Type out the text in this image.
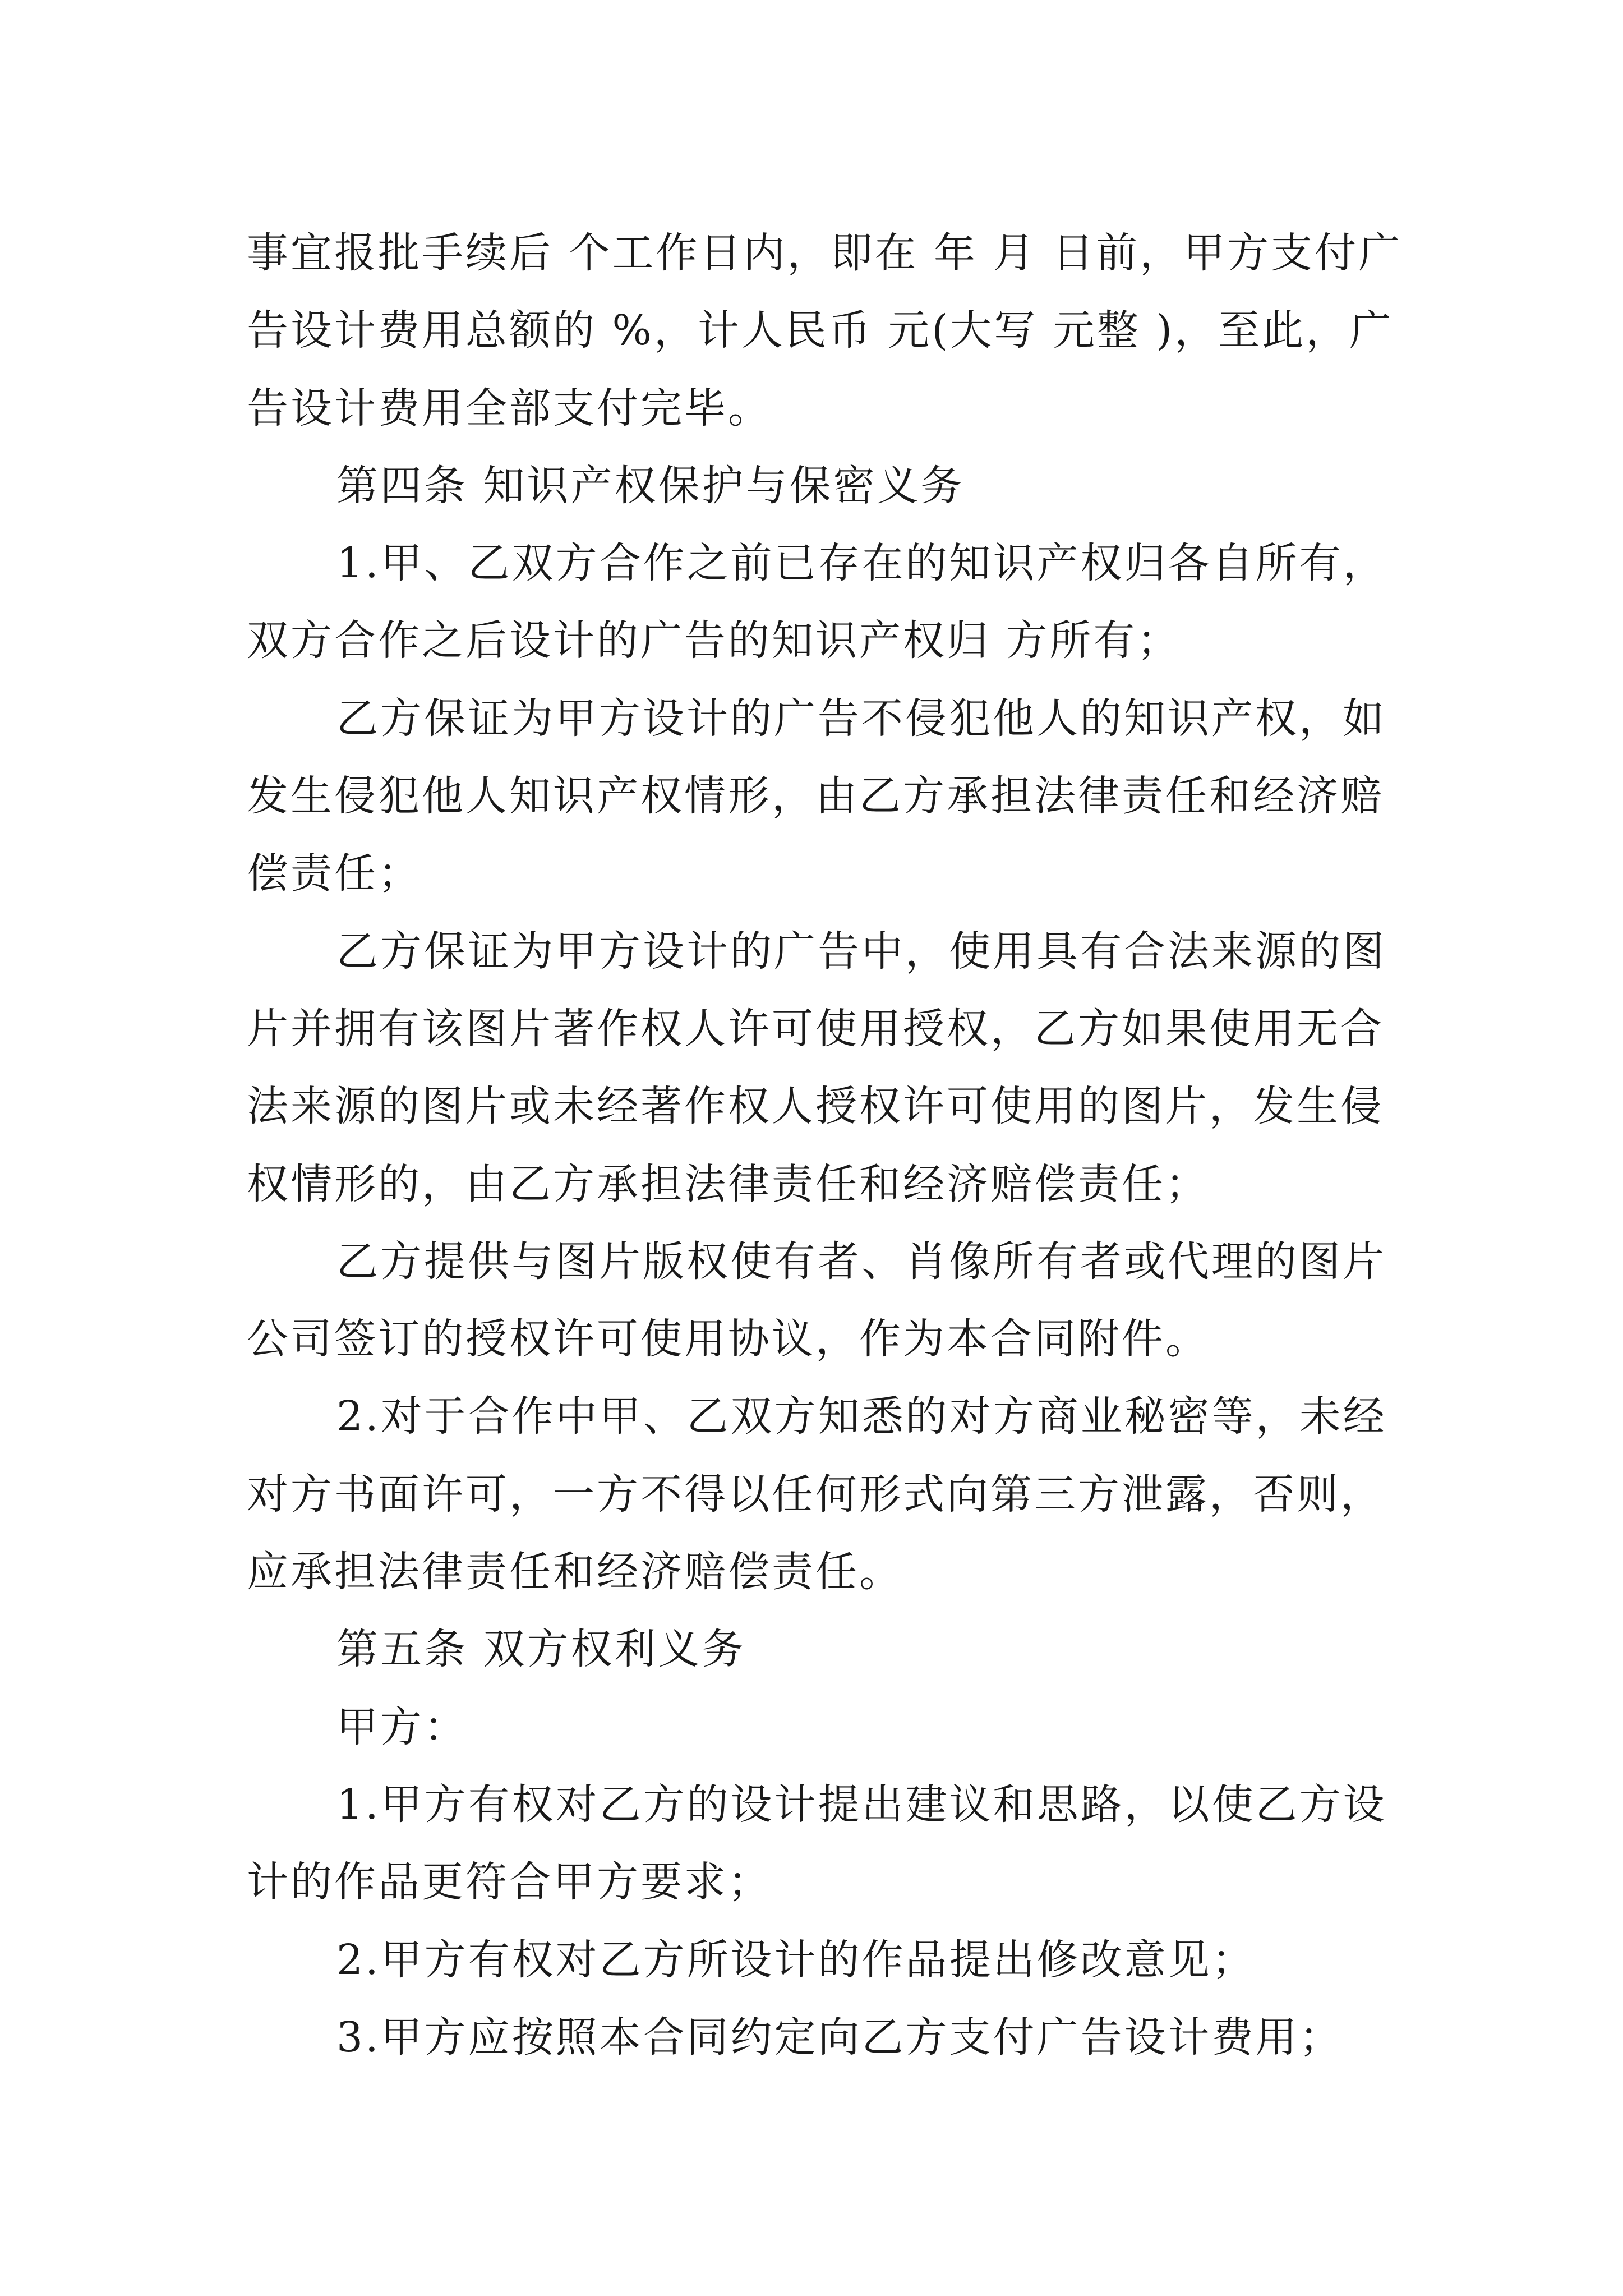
事宜报批手续后 个工作日内，即在 年 月 日前，甲方支付广告设计费用总额的 %，计人民币 元(大写 元整 )，至此，广告设计费用全部支付完毕。

第四条 知识产权保护与保密义务

1.甲、乙双方合作之前已存在的知识产权归各自所有，双方合作之后设计的广告的知识产权归 方所有；

乙方保证为甲方设计的广告不侵犯他人的知识产权，如发生侵犯他人知识产权情形，由乙方承担法律责任和经济赔偿责任；

乙方保证为甲方设计的广告中，使用具有合法来源的图片并拥有该图片著作权人许可使用授权，乙方如果使用无合法来源的图片或未经著作权人授权许可使用的图片，发生侵权情形的，由乙方承担法律责任和经济赔偿责任；

乙方提供与图片版权使有者、肖像所有者或代理的图片公司签订的授权许可使用协议，作为本合同附件。

2.对于合作中甲、乙双方知悉的对方商业秘密等，未经对方书面许可，一方不得以任何形式向第三方泄露，否则，应承担法律责任和经济赔偿责任。

第五条 双方权利义务

甲方：

1.甲方有权对乙方的设计提出建议和思路，以使乙方设计的作品更符合甲方要求；

2.甲方有权对乙方所设计的作品提出修改意见；

3.甲方应按照本合同约定向乙方支付广告设计费用；
